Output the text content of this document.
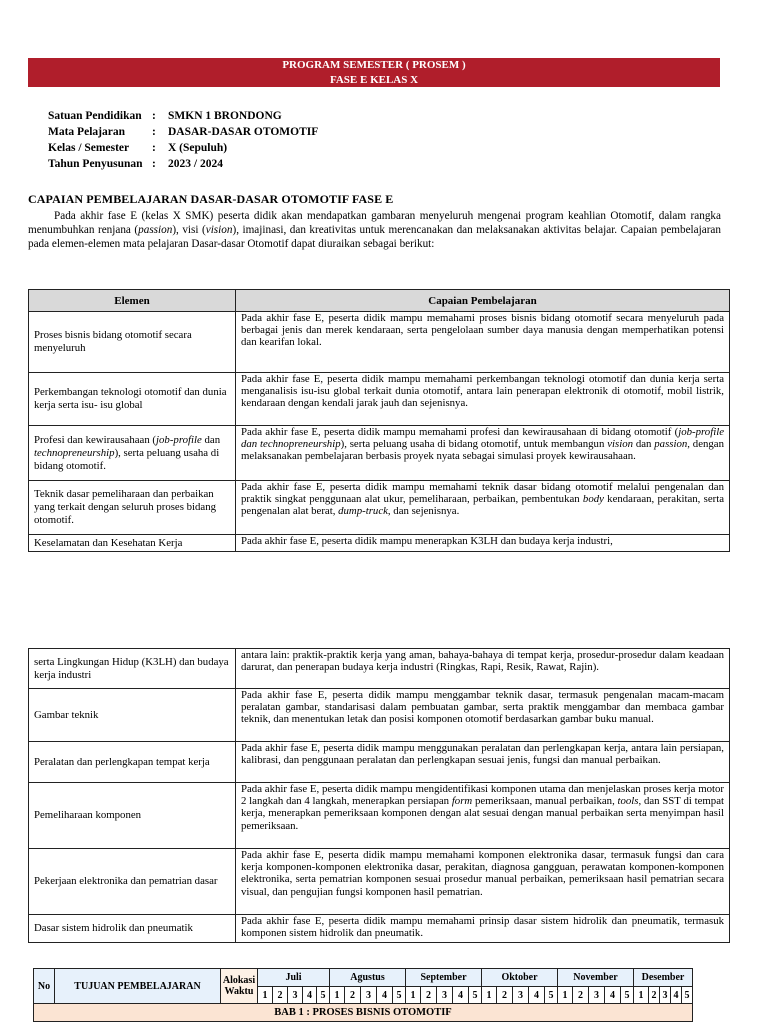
PROGRAM SEMESTER ( PROSEM )
FASE E KELAS X
Satuan Pendidikan :	SMKN 1 BRONDONG
Mata Pelajaran	:	DASAR-DASAR OTOMOTIF
Kelas / Semester	:	X (Sepuluh)
Tahun Penyusunan :	2023 / 2024
CAPAIAN PEMBELAJARAN DASAR-DASAR OTOMOTIF FASE E

Pada akhir fase E (kelas X SMK) peserta didik akan mendapatkan gambaran menyeluruh mengenai program keahlian Otomotif, dalam rangka menumbuhkan renjana (passion), visi (vision), imajinasi, dan kreativitas untuk merencanakan dan melaksanakan aktivitas belajar. Capaian pembelajaran pada elemen-elemen mata pelajaran Dasar-dasar Otomotif dapat diuraikan sebagai berikut:

Elemen	Capaian Pembelajaran
Proses bisnis bidang otomotif secara menyeluruh	Pada akhir fase E, peserta didik mampu memahami proses bisnis bidang otomotif secara menyeluruh pada berbagai jenis dan merek kendaraan, serta pengelolaan sumber daya manusia dengan memperhatikan potensi dan kearifan lokal.
Perkembangan teknologi otomotif dan dunia kerja serta isu- isu global	Pada akhir fase E, peserta didik mampu memahami perkembangan teknologi otomotif dan dunia kerja serta menganalisis isu-isu global terkait dunia otomotif, antara lain penerapan elektronik di otomotif, mobil listrik, kendaraan dengan kendali jarak jauh dan sejenisnya.
Profesi dan kewirausahaan (job-profile dan technopreneurship), serta peluang usaha di bidang otomotif.	Pada akhir fase E, peserta didik mampu memahami profesi dan kewirausahaan di bidang otomotif (job-profile dan technopreneurship), serta peluang usaha di bidang otomotif, untuk membangun vision dan passion, dengan melaksanakan pembelajaran berbasis proyek nyata sebagai simulasi proyek kewirausahaan.
Teknik dasar pemeliharaan dan perbaikan yang terkait dengan seluruh proses bidang otomotif.	Pada akhir fase E, peserta didik mampu memahami teknik dasar bidang otomotif melalui pengenalan dan praktik singkat penggunaan alat ukur, pemeliharaan, perbaikan, pembentukan body kendaraan, perakitan, serta pengenalan alat berat, dump-truck, dan sejenisnya.
Keselamatan dan Kesehatan Kerja	Pada akhir fase E, peserta didik mampu menerapkan K3LH dan budaya kerja industri,
serta Lingkungan Hidup (K3LH) dan budaya kerja industri	antara lain: praktik-praktik kerja yang aman, bahaya-bahaya di tempat kerja, prosedur-prosedur dalam keadaan darurat, dan penerapan budaya kerja industri (Ringkas, Rapi, Resik, Rawat, Rajin).
Gambar teknik	Pada akhir fase E, peserta didik mampu menggambar teknik dasar, termasuk pengenalan macam-macam peralatan gambar, standarisasi dalam pembuatan gambar, serta praktik menggambar dan membaca gambar teknik, dan menentukan letak dan posisi komponen otomotif berdasarkan gambar buku manual.
Peralatan dan perlengkapan tempat kerja	Pada akhir fase E, peserta didik mampu menggunakan peralatan dan perlengkapan kerja, antara lain persiapan, kalibrasi, dan penggunaan peralatan dan perlengkapan sesuai jenis, fungsi dan manual perbaikan.
Pemeliharaan komponen	Pada akhir fase E, peserta didik mampu mengidentifikasi komponen utama dan menjelaskan proses kerja motor 2 langkah dan 4 langkah, menerapkan persiapan form pemeriksaan, manual perbaikan, tools, dan SST di tempat kerja, menerapkan pemeriksaan komponen dengan alat sesuai dengan manual perbaikan serta menyimpan hasil pemeriksaan.
Pekerjaan elektronika dan pematrian dasar	Pada akhir fase E, peserta didik mampu memahami komponen elektronika dasar, termasuk fungsi dan cara kerja komponen-komponen elektronika dasar, perakitan, diagnosa gangguan, perawatan komponen-komponen elektronika, serta pematrian komponen sesuai prosedur manual perbaikan, pemeriksaan hasil pematrian secara visual, dan pengujian fungsi komponen hasil pematrian.
Dasar sistem hidrolik dan pneumatik	Pada akhir fase E, peserta didik mampu memahami prinsip dasar sistem hidrolik dan pneumatik, termasuk komponen sistem hidrolik dan pneumatik.
No	TUJUAN PEMBELAJARAN	Alokasi Waktu	Juli					Agustus					September					Oktober					November					Desember				
			1	2	3	4	5	1	2	3	4	5	1	2	3	4	5	1	2	3	4	5	1	2	3	4	5	1	2	3	4	5
BAB 1 : PROSES BISNIS OTOMOTIF																																
